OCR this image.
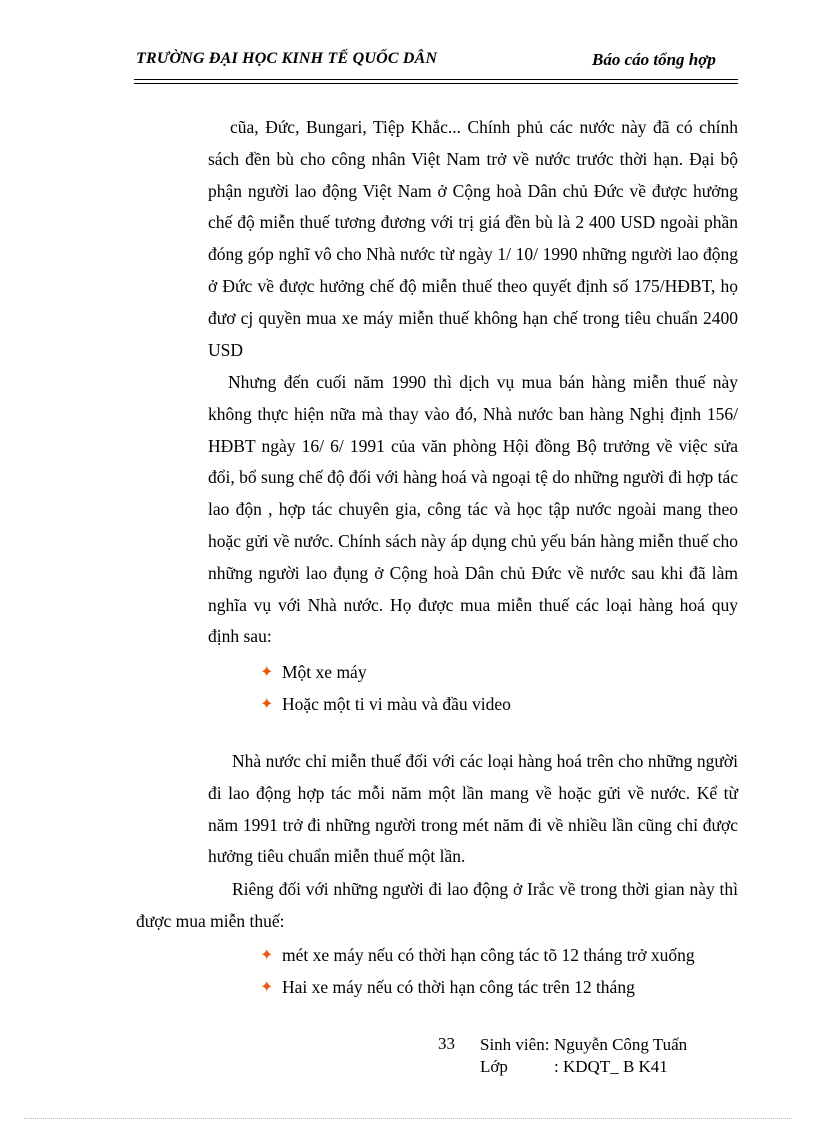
TRƯỜNG ĐẠI HỌC KINH TẾ QUỐC DÂN	Báo cáo tổng hợp
cũa, Đức, Bungari, Tiệp Khắc... Chính phủ các nước này đã có chính sách đền bù cho công nhân Việt Nam trở về nước trước thời hạn. Đại bộ phận người lao động Việt Nam ở Cộng hoà Dân chủ Đức về được hưởng chế độ miễn thuế tương đương với trị giá đền bù là 2 400 USD ngoài phần đóng góp nghĩ vô cho Nhà nước từ ngày 1/ 10/ 1990 những người lao động ở Đức về được hưởng chế độ miễn thuế theo quyết định số 175/HĐBT, họ đươ cj quyền mua xe máy miễn thuế không hạn chế trong tiêu chuẩn 2400 USD
Nhưng đến cuối năm 1990 thì dịch vụ mua bán hàng miễn thuế này không thực hiện nữa mà thay vào đó, Nhà nước ban hàng Nghị định 156/ HĐBT ngày 16/ 6/ 1991 của văn phòng Hội đồng Bộ trưởng về việc sửa đổi, bổ sung chế độ đối với hàng hoá và ngoại tệ do những người đi hợp tác lao độn , hợp tác chuyên gia, công tác và học tập nước ngoài mang theo hoặc gửi về nước. Chính sách này áp dụng chủ yếu bán hàng miễn thuế cho những người lao đụng ở Cộng hoà Dân chủ Đức về nước sau khi đã làm nghĩa vụ với Nhà nước. Họ được mua miễn thuế các loại hàng hoá quy định sau:
✦ Một xe máy
✦ Hoặc một ti vi màu và đầu video
Nhà nước chỉ miễn thuế đối với các loại hàng hoá trên cho những người đi lao động hợp tác mỗi năm một lần mang về hoặc gửi về nước. Kể từ năm 1991 trở đi những người trong mét năm đi về nhiều lần cũng chỉ được hưởng tiêu chuẩn miễn thuế một lần.
Riêng đối với những người đi lao động ở Irắc về trong thời gian này thì được mua miễn thuế:
✦ mét xe máy nếu có thời hạn công tác tõ 12 tháng trở xuống
✦ Hai xe máy nếu có thời hạn công tác trên 12 tháng
33 Sinh viên: Nguyễn Công Tuấn
Lớp	: KDQT_ B K41
